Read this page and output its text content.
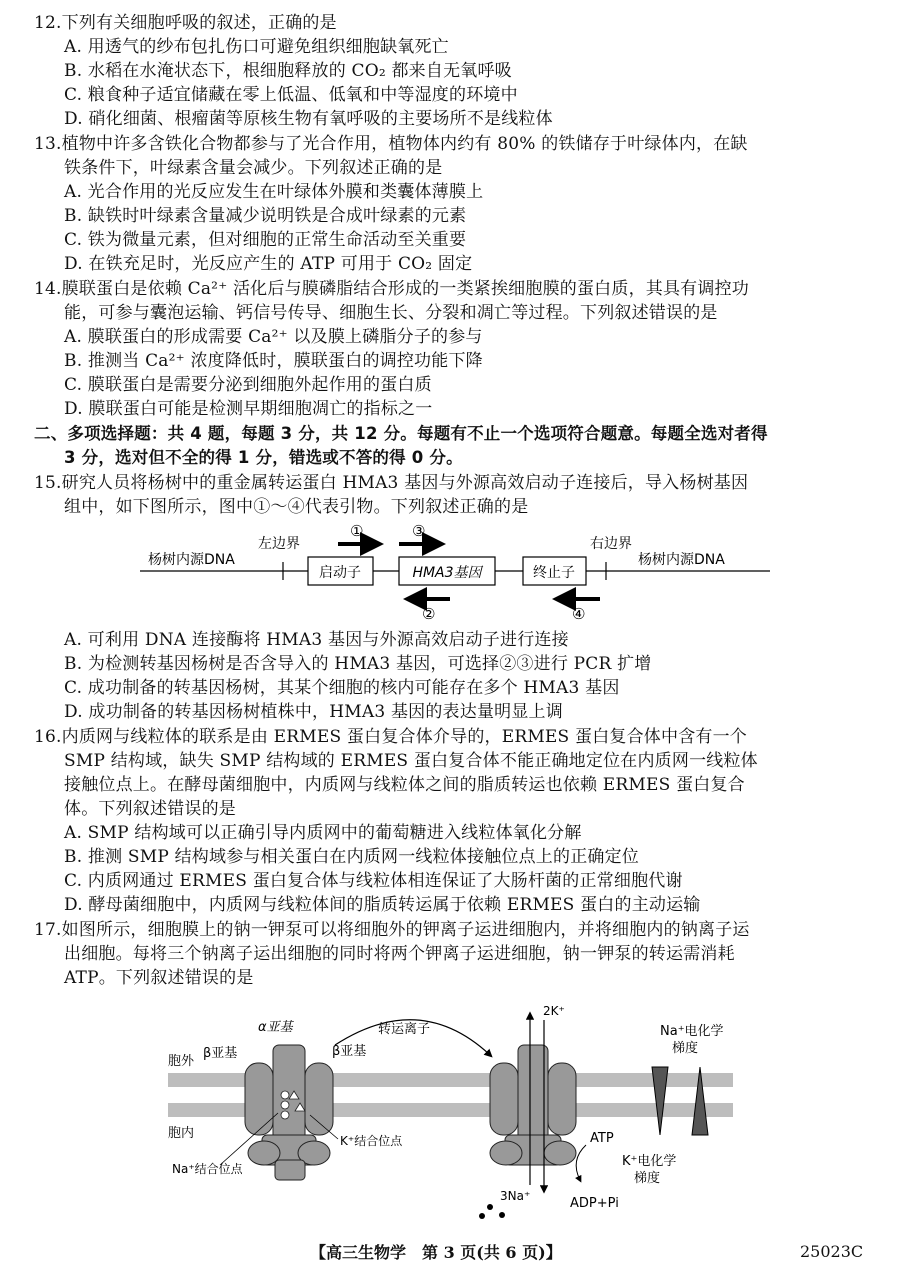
12.下列有关细胞呼吸的叙述，正确的是
A. 用透气的纱布包扎伤口可避免组织细胞缺氧死亡
B. 水稻在水淹状态下，根细胞释放的 CO₂ 都来自无氧呼吸
C. 粮食种子适宜储藏在零上低温、低氧和中等湿度的环境中
D. 硝化细菌、根瘤菌等原核生物有氧呼吸的主要场所不是线粒体
13.植物中许多含铁化合物都参与了光合作用，植物体内约有 80% 的铁储存于叶绿体内，在缺
铁条件下，叶绿素含量会减少。下列叙述正确的是
A. 光合作用的光反应发生在叶绿体外膜和类囊体薄膜上
B. 缺铁时叶绿素含量减少说明铁是合成叶绿素的元素
C. 铁为微量元素，但对细胞的正常生命活动至关重要
D. 在铁充足时，光反应产生的 ATP 可用于 CO₂ 固定
14.膜联蛋白是依赖 Ca²⁺ 活化后与膜磷脂结合形成的一类紧挨细胞膜的蛋白质，其具有调控功
能，可参与囊泡运输、钙信号传导、细胞生长、分裂和凋亡等过程。下列叙述错误的是
A. 膜联蛋白的形成需要 Ca²⁺ 以及膜上磷脂分子的参与
B. 推测当 Ca²⁺ 浓度降低时，膜联蛋白的调控功能下降
C. 膜联蛋白是需要分泌到细胞外起作用的蛋白质
D. 膜联蛋白可能是检测早期细胞凋亡的指标之一
二、多项选择题：共 4 题，每题 3 分，共 12 分。每题有不止一个选项符合题意。每题全选对者得
3 分，选对但不全的得 1 分，错选或不答的得 0 分。
15.研究人员将杨树中的重金属转运蛋白 HMA3 基因与外源高效启动子连接后，导入杨树基因
组中，如下图所示，图中①～④代表引物。下列叙述正确的是
启动子	HMA3基因	终止子
杨树内源DNA
左边界	右边界
杨树内源DNA
①	③
②	④
A. 可利用 DNA 连接酶将 HMA3 基因与外源高效启动子进行连接
B. 为检测转基因杨树是否含导入的 HMA3 基因，可选择②③进行 PCR 扩增
C. 成功制备的转基因杨树，其某个细胞的核内可能存在多个 HMA3 基因
D. 成功制备的转基因杨树植株中，HMA3 基因的表达量明显上调
16.内质网与线粒体的联系是由 ERMES 蛋白复合体介导的，ERMES 蛋白复合体中含有一个
SMP 结构域，缺失 SMP 结构域的 ERMES 蛋白复合体不能正确地定位在内质网一线粒体
接触位点上。在酵母菌细胞中，内质网与线粒体之间的脂质转运也依赖 ERMES 蛋白复合
体。下列叙述错误的是
A. SMP 结构域可以正确引导内质网中的葡萄糖进入线粒体氧化分解
B. 推测 SMP 结构域参与相关蛋白在内质网一线粒体接触位点上的正确定位
C. 内质网通过 ERMES 蛋白复合体与线粒体相连保证了大肠杆菌的正常细胞代谢
D. 酵母菌细胞中，内质网与线粒体间的脂质转运属于依赖 ERMES 蛋白的主动运输
17.如图所示，细胞膜上的钠一钾泵可以将细胞外的钾离子运进细胞内，并将细胞内的钠离子运
出细胞。每将三个钠离子运出细胞的同时将两个钾离子运进细胞，钠一钾泵的转运需消耗
ATP。下列叙述错误的是
胞外
胞内
α亚基
β亚基	β亚基
K⁺结合位点
Na⁺结合位点
转运离子
2K⁺
ATP
3Na⁺	ADP+Pi
Na⁺电化学
梯度
K⁺电化学
梯度
【高三生物学　第 3 页(共 6 页)】	25023C
